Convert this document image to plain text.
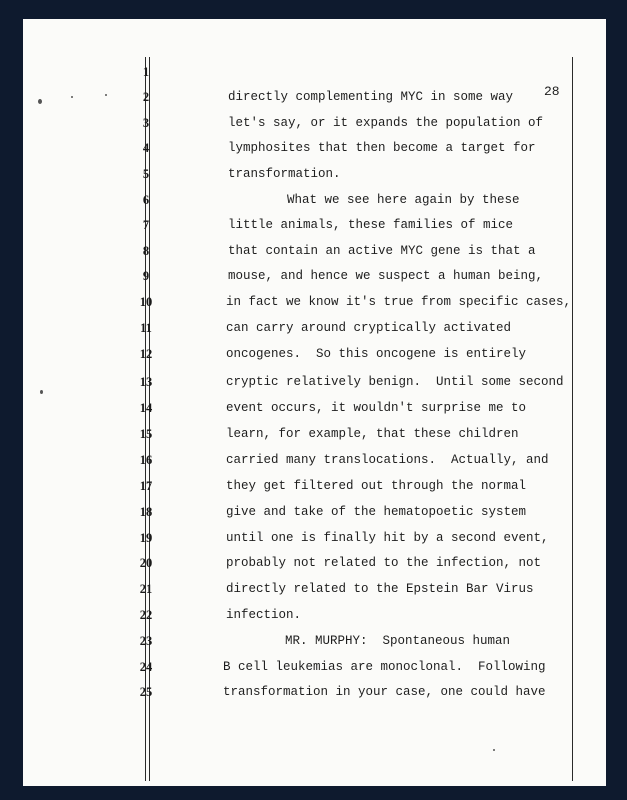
28
1
2
3
4
5
6
7
8
9
10
11
12
13
14
15
16
17
18
19
20
21
22
23
24
25
directly complementing MYC in some way
let's say, or it expands the population of
lymphosites that then become a target for
transformation.
What we see here again by these
little animals, these families of mice
that contain an active MYC gene is that a
mouse, and hence we suspect a human being,
in fact we know it's true from specific cases,
can carry around cryptically activated
oncogenes.  So this oncogene is entirely
cryptic relatively benign.  Until some second
event occurs, it wouldn't surprise me to
learn, for example, that these children
carried many translocations.  Actually, and
they get filtered out through the normal
give and take of the hematopoetic system
until one is finally hit by a second event,
probably not related to the infection, not
directly related to the Epstein Bar Virus
infection.
MR. MURPHY:  Spontaneous human
B cell leukemias are monoclonal.  Following
transformation in your case, one could have
